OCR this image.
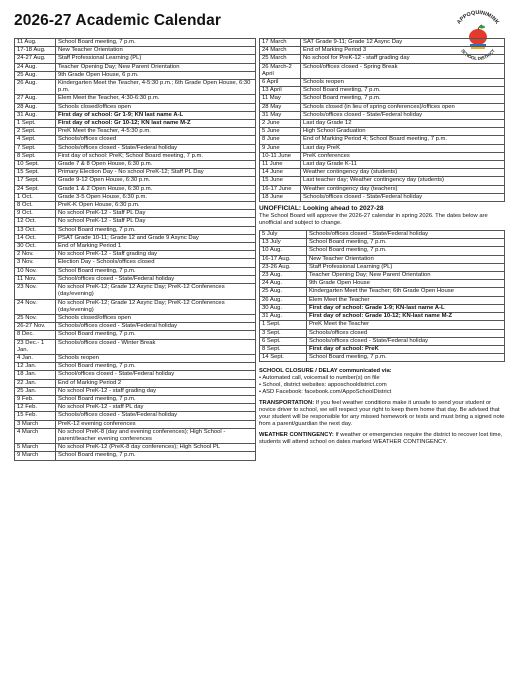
2026-27 Academic Calendar	APPOQUINIMINK
SCHOOL DISTRICT
11 Aug.	School Board meeting, 7 p.m.
17-18 Aug.	New Teacher Orientation
24-27 Aug.	Staff Professional Learning (PL)
24 Aug.	Teacher Opening Day; New Parent Orientation
25 Aug.	9th Grade Open House, 6 p.m.
26 Aug.	Kindergarten Meet the Teacher, 4-5:30 p.m.; 6th Grade Open House, 6:30 p.m.
27 Aug.	Elem Meet the Teacher, 4:30-6:30 p.m.
28 Aug.	Schools closed/offices open
31 Aug.	First day of school: Gr 1-9; KN last name A-L
1 Sept.	First day of school: Gr 10-12; KN last name M-Z
2 Sept.	PreK Meet the Teacher, 4-5:30 p.m.
4 Sept.	Schools/offices closed
7 Sept.	Schools/offices closed - State/Federal holiday
8 Sept.	First day of school: PreK; School Board meeting, 7 p.m.
10 Sept.	Grade 7 & 8 Open House, 6:30 p.m.
15 Sept.	Primary Election Day - No school PreK-12; Staff PL Day
17 Sept.	Grade 9-12 Open House, 6:30 p.m.
24 Sept.	Grade 1 & 2 Open House, 6:30 p.m.
1 Oct.	Grade 3-5 Open House, 6:30 p.m.
8 Oct.	PreK-K Open House, 6:30 p.m.
9 Oct.	No school PreK-12 - Staff PL Day
12 Oct.	No school PreK-12 - Staff PL Day
13 Oct.	School Board meeting, 7 p.m.
14 Oct.	PSAT Grade 10-11; Grade 12 and Grade 9 Async Day
30 Oct.	End of Marking Period 1
2 Nov.	No school PreK-12 - Staff grading day
3 Nov.	Election Day - Schools/offices closed
10 Nov.	School Board meeting, 7 p.m.
11 Nov.	School/offices closed - State/Federal holiday
23 Nov.	No school PreK-12; Grade 12 Async Day; PreK-12 Conferences (day/evening)
24 Nov.	No school PreK-12; Grade 12 Async Day; PreK-12 Conferences (day/evening)
25 Nov.	Schools closed/offices open
26-27 Nov.	Schools/offices closed - State/Federal holiday
8 Dec.	School Board meeting, 7 p.m.
23 Dec.- 1 Jan.	Schools/offices closed - Winter Break
4 Jan.	Schools reopen
12 Jan.	School Board meeting, 7 p.m.
18 Jan.	School/offices closed - State/Federal holiday
22 Jan.	End of Marking Period 2
25 Jan.	No school PreK-12 - staff grading day
9 Feb.	School Board meeting, 7 p.m.
12 Feb.	No school PreK-12 - staff PL day
15 Feb.	Schools/offices closed - State/Federal holiday
3 March	PreK-12 evening conferences
4 March	No school PreK-8 (day and evening conferences); High School - parent/teacher evening conferences
5 March	No school PreK-12 (PreK-8 day conferences); High School PL
9 March	School Board meeting, 7 p.m.
17 March	SAT Grade 9-11; Grade 12 Async Day
24 March	End of Marking Period 3
25 March	No school for PreK-12 - staff grading day
26 March-2 April	School/offices closed - Spring Break
6 April	Schools reopen
13 April	School Board meeting, 7 p.m.
11 May	School Board meeting, 7 p.m.
28 May	Schools closed (in lieu of spring conferences)/offices open
31 May	Schools/offices closed - State/Federal holiday
2 June	Last day Grade 12
5 June	High School Graduation
8 June	End of Marking Period 4; School Board meeting, 7 p.m.
9 June	Last day PreK
10-11 June	PreK conferences
11 June	Last day Grade K-11
14 June	Weather contingency day (students)
15 June	Last teacher day; Weather contingency day (students)
16-17 June	Weather contingency day (teachers)
18 June	Schools/offices closed - State/Federal holiday
UNOFFICIAL: Looking ahead to 2027-28
The School Board will approve the 2026-27 calendar in spring 2026. The dates below are unofficial and subject to change.
5 July	Schools/offices closed - State/Federal holiday
13 July	School Board meeting, 7 p.m.
10 Aug.	School Board meeting, 7 p.m.
16-17 Aug.	New Teacher Orientation
23-26 Aug.	Staff Professional Learning (PL)
23 Aug.	Teacher Opening Day; New Parent Orientation
24 Aug.	9th Grade Open House
25 Aug.	Kindergarten Meet the Teacher; 6th Grade Open House
26 Aug.	Elem Meet the Teacher
30 Aug.	First day of school: Grade 1-9; KN-last name A-L
31 Aug.	First day of school: Grade 10-12; KN-last name M-Z
1 Sept.	PreK Meet the Teacher
3 Sept.	Schools/offices closed
6 Sept.	Schools/offices closed - State/Federal holiday
8 Sept.	First day of school: PreK
14 Sept.	School Board meeting, 7 p.m.
SCHOOL CLOSURE / DELAY communicated via:
• Automated call, voicemail to number(s) on file
• School, district websites: apposchooldistrict.com
• ASD Facebook: facebook.com/AppoSchoolDistrict

TRANSPORTATION: If you feel weather conditions make it unsafe to send your student or novice driver to school, we will respect your right to keep them home that day. Be advised that your student will be responsible for any missed homework or tests and must bring a signed note from a parent/guardian the next day.

WEATHER CONTINGENCY: If weather or emergencies require the district to recover lost time, students will attend school on dates marked WEATHER CONTINGENCY.
